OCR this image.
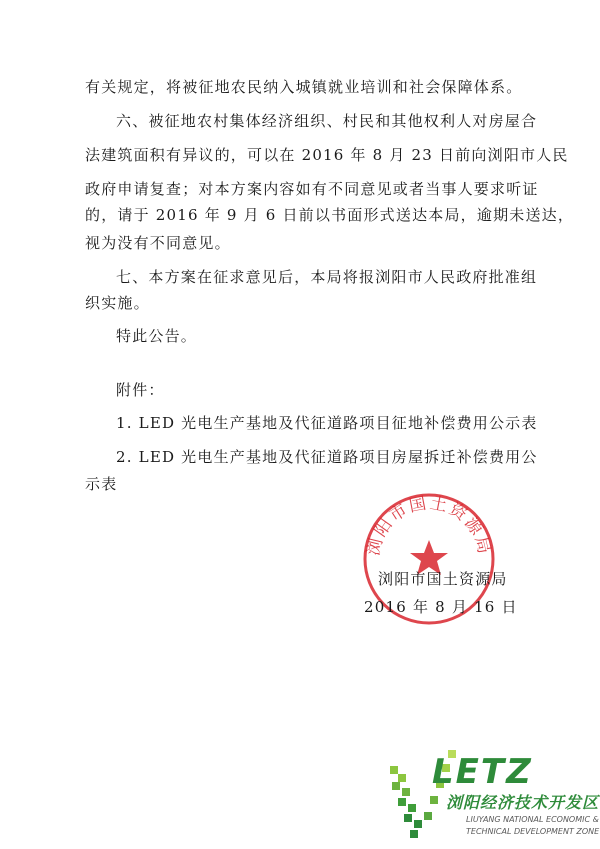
有关规定，将被征地农民纳入城镇就业培训和社会保障体系。
六、被征地农村集体经济组织、村民和其他权利人对房屋合
法建筑面积有异议的，可以在 2016 年 8 月 23 日前向浏阳市人民
政府申请复查；对本方案内容如有不同意见或者当事人要求听证
的，请于 2016 年 9 月 6 日前以书面形式送达本局，逾期未送达，
视为没有不同意见。
七、本方案在征求意见后，本局将报浏阳市人民政府批准组
织实施。
特此公告。
附件：
1. LED 光电生产基地及代征道路项目征地补偿费用公示表
2. LED 光电生产基地及代征道路项目房屋拆迁补偿费用公
示表
浏阳市国土资源局
浏阳市国土资源局
2016 年 8 月 16 日
LETZ
浏阳经济技术开发区
LIUYANG NATIONAL ECONOMIC &
TECHNICAL DEVELOPMENT ZONE
